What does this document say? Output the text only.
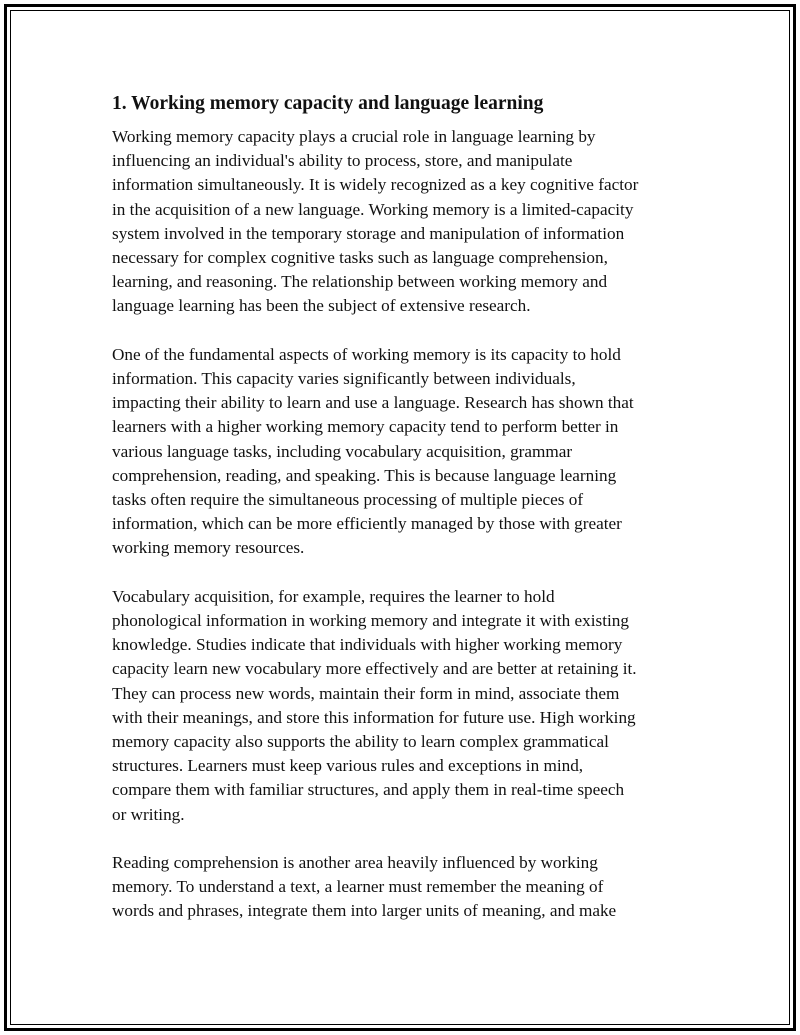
1. Working memory capacity and language learning

Working memory capacity plays a crucial role in language learning by
influencing an individual's ability to process, store, and manipulate
information simultaneously. It is widely recognized as a key cognitive factor
in the acquisition of a new language. Working memory is a limited-capacity
system involved in the temporary storage and manipulation of information
necessary for complex cognitive tasks such as language comprehension,
learning, and reasoning. The relationship between working memory and
language learning has been the subject of extensive research.

One of the fundamental aspects of working memory is its capacity to hold
information. This capacity varies significantly between individuals,
impacting their ability to learn and use a language. Research has shown that
learners with a higher working memory capacity tend to perform better in
various language tasks, including vocabulary acquisition, grammar
comprehension, reading, and speaking. This is because language learning
tasks often require the simultaneous processing of multiple pieces of
information, which can be more efficiently managed by those with greater
working memory resources.

Vocabulary acquisition, for example, requires the learner to hold
phonological information in working memory and integrate it with existing
knowledge. Studies indicate that individuals with higher working memory
capacity learn new vocabulary more effectively and are better at retaining it.
They can process new words, maintain their form in mind, associate them
with their meanings, and store this information for future use. High working
memory capacity also supports the ability to learn complex grammatical
structures. Learners must keep various rules and exceptions in mind,
compare them with familiar structures, and apply them in real-time speech
or writing.

Reading comprehension is another area heavily influenced by working
memory. To understand a text, a learner must remember the meaning of
words and phrases, integrate them into larger units of meaning, and make
